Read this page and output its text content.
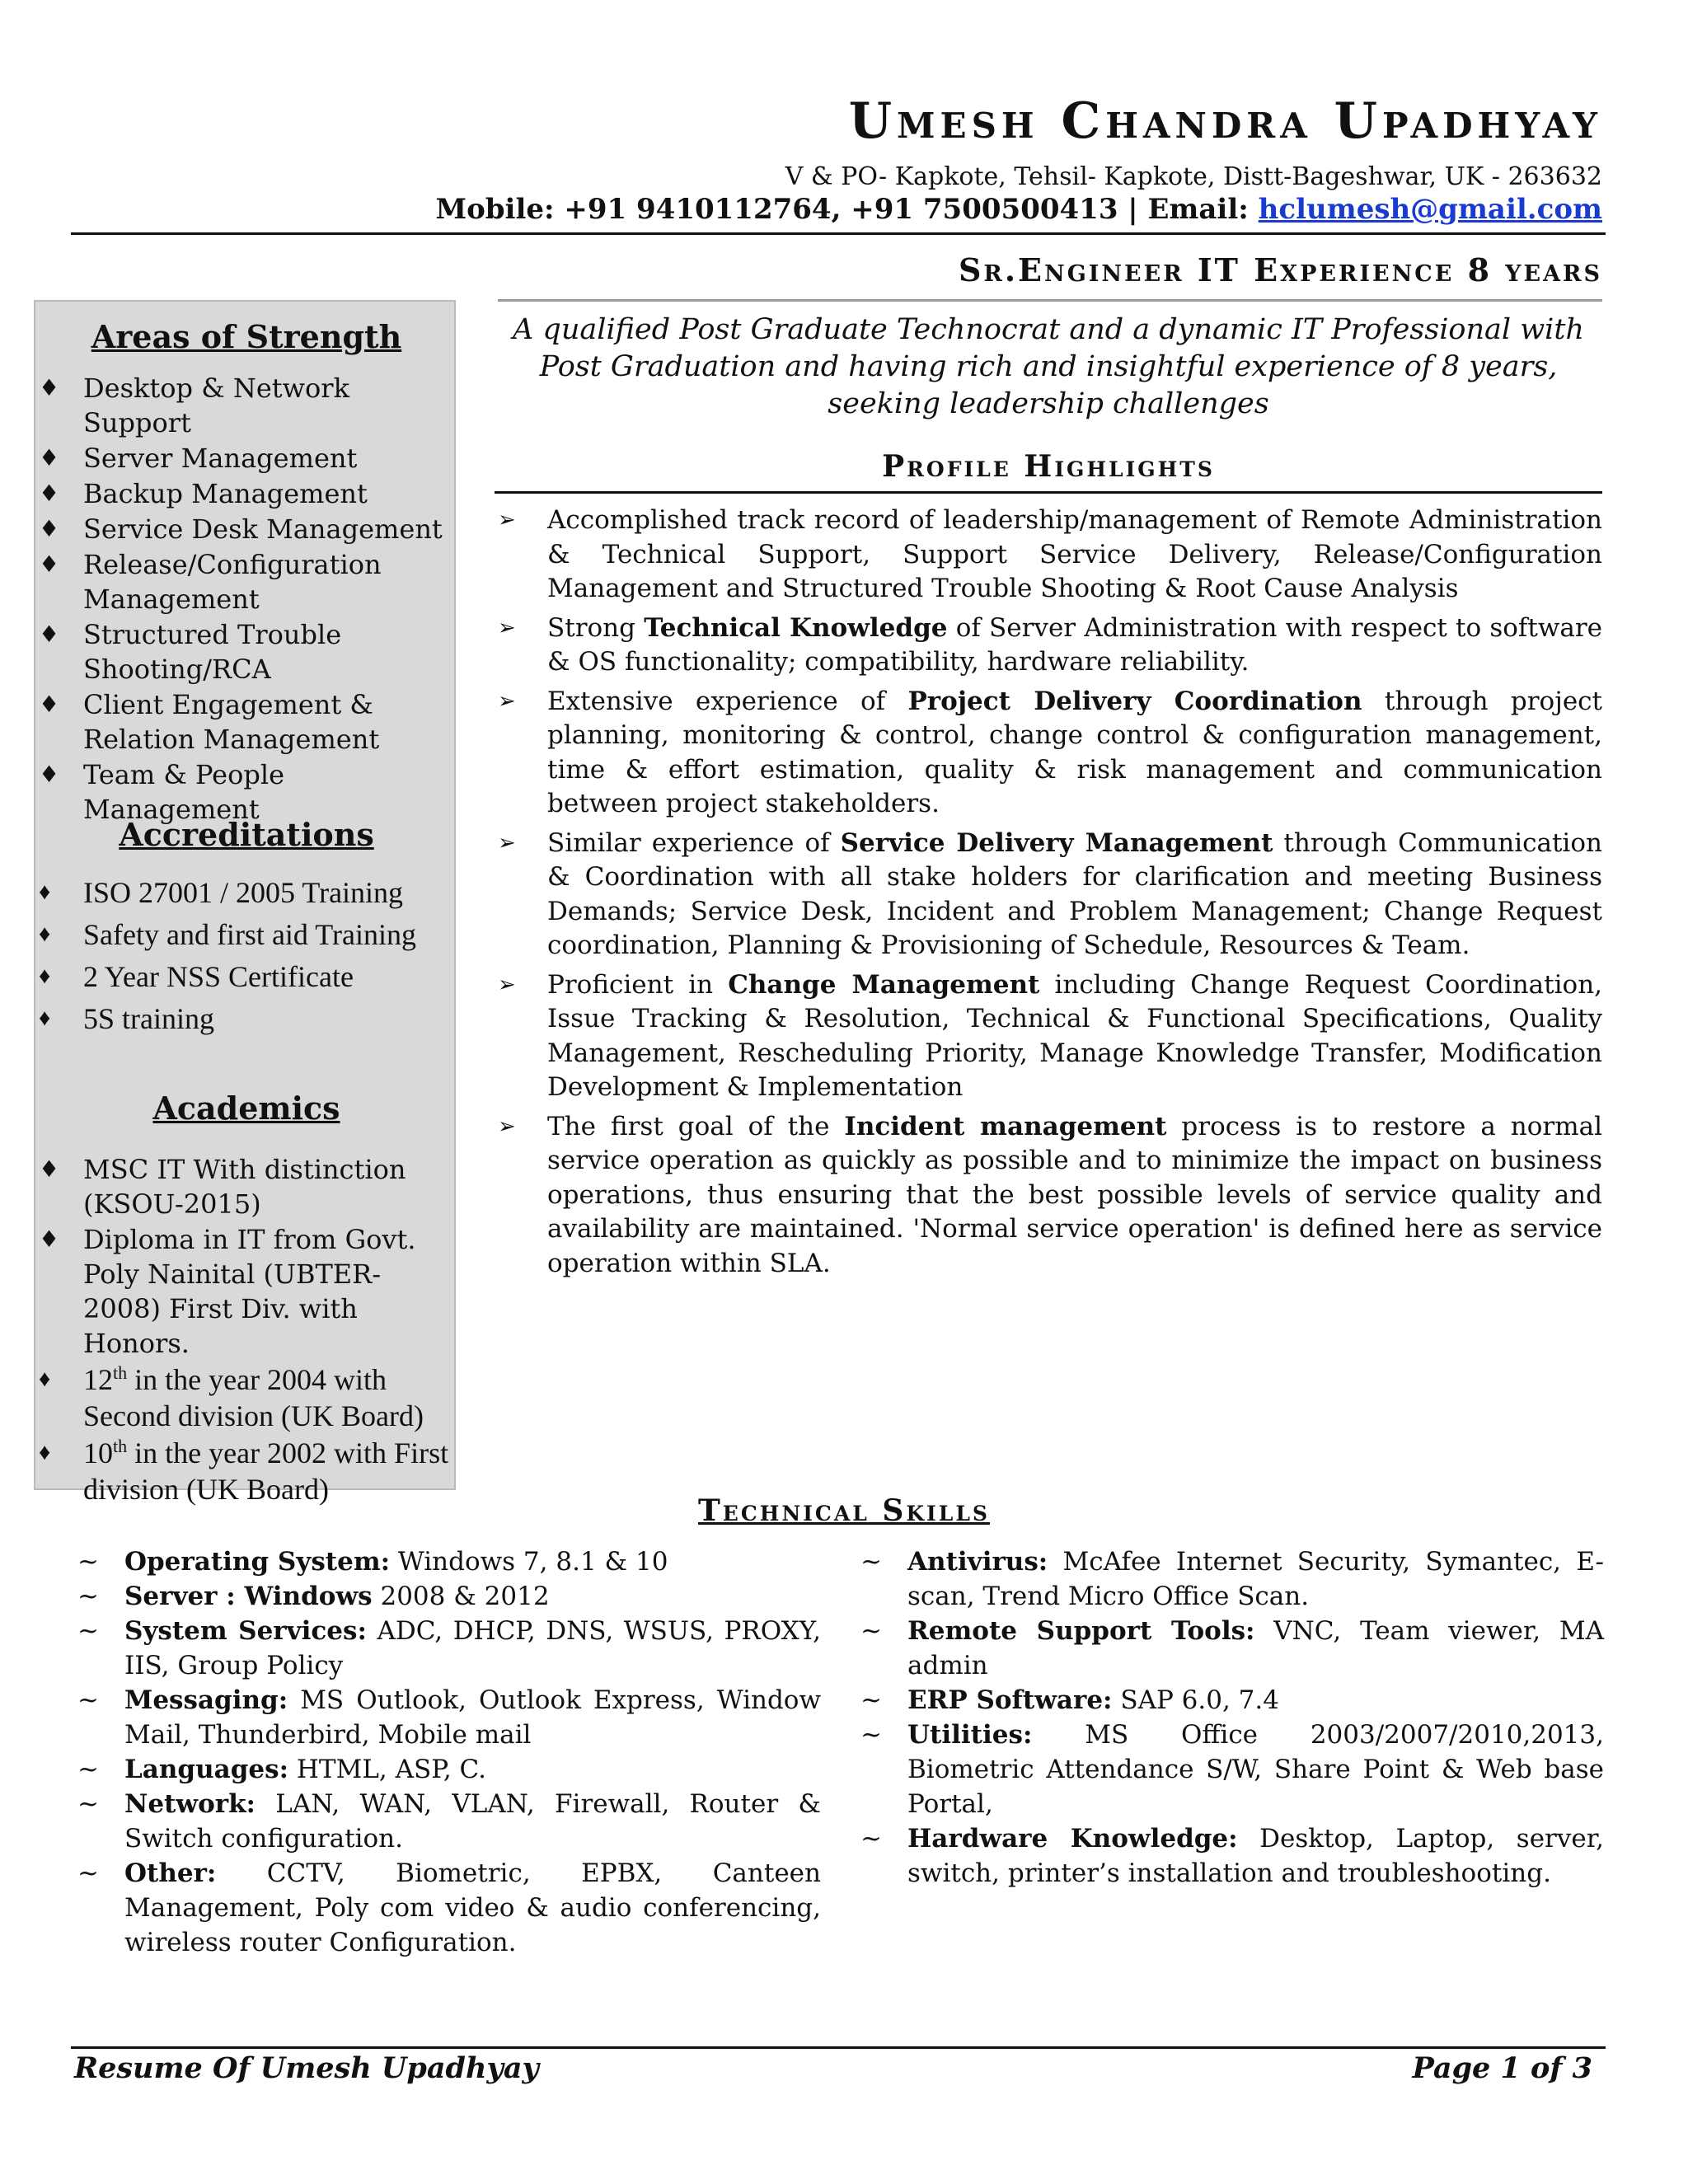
Umesh Chandra Upadhyay
V & PO- Kapkote, Tehsil- Kapkote, Distt-Bageshwar, UK - 263632
Mobile: +91 9410112764, +91 7500500413 | Email: hclumesh@gmail.com
Sr.Engineer IT Experience 8 years
Areas of Strength
♦ Desktop & Network Support
♦ Server Management
♦ Backup Management
♦ Service Desk Management
♦ Release/Configuration Management
♦ Structured Trouble Shooting/RCA
♦ Client Engagement & Relation Management
♦ Team & People Management
Accreditations
♦ ISO 27001 / 2005 Training
♦ Safety and first aid Training
♦ 2 Year NSS Certificate
♦ 5S training
Academics
♦ MSC IT With distinction (KSOU-2015)
♦ Diploma in IT from Govt. Poly Nainital (UBTER- 2008) First Div. with Honors.
♦ 12th in the year 2004 with Second division (UK Board)
♦ 10th in the year 2002 with First division (UK Board)
A qualified Post Graduate Technocrat and a dynamic IT Professional with Post Graduation and having rich and insightful experience of 8 years, seeking leadership challenges
Profile Highlights
➢ Accomplished track record of leadership/management of Remote Administration & Technical Support, Support Service Delivery, Release/Configuration Management and Structured Trouble Shooting & Root Cause Analysis
➢ Strong Technical Knowledge of Server Administration with respect to software & OS functionality; compatibility, hardware reliability.
➢ Extensive experience of Project Delivery Coordination through project planning, monitoring & control, change control & configuration management, time & effort estimation, quality & risk management and communication between project stakeholders.
➢ Similar experience of Service Delivery Management through Communication & Coordination with all stake holders for clarification and meeting Business Demands; Service Desk, Incident and Problem Management; Change Request coordination, Planning & Provisioning of Schedule, Resources & Team.
➢ Proficient in Change Management including Change Request Coordination, Issue Tracking & Resolution, Technical & Functional Specifications, Quality Management, Rescheduling Priority, Manage Knowledge Transfer, Modification Development & Implementation
➢ The first goal of the Incident management process is to restore a normal service operation as quickly as possible and to minimize the impact on business operations, thus ensuring that the best possible levels of service quality and availability are maintained. 'Normal service operation' is defined here as service operation within SLA.
Technical Skills
~ Operating System: Windows 7, 8.1 & 10
~ Server : Windows 2008 & 2012
~ System Services: ADC, DHCP, DNS, WSUS, PROXY, IIS, Group Policy
~ Messaging: MS Outlook, Outlook Express, Window Mail, Thunderbird, Mobile mail
~ Languages: HTML, ASP, C.
~ Network: LAN, WAN, VLAN, Firewall, Router & Switch configuration.
~ Other: CCTV, Biometric, EPBX, Canteen Management, Poly com video & audio conferencing, wireless router Configuration.
~ Antivirus: McAfee Internet Security, Symantec, E-scan, Trend Micro Office Scan.
~ Remote Support Tools: VNC, Team viewer, MA admin
~ ERP Software: SAP 6.0, 7.4
~ Utilities: MS Office 2003/2007/2010,2013, Biometric Attendance S/W, Share Point & Web base Portal,
~ Hardware Knowledge: Desktop, Laptop, server, switch, printer’s installation and troubleshooting.
Resume Of Umesh Upadhyay	Page 1 of 3
